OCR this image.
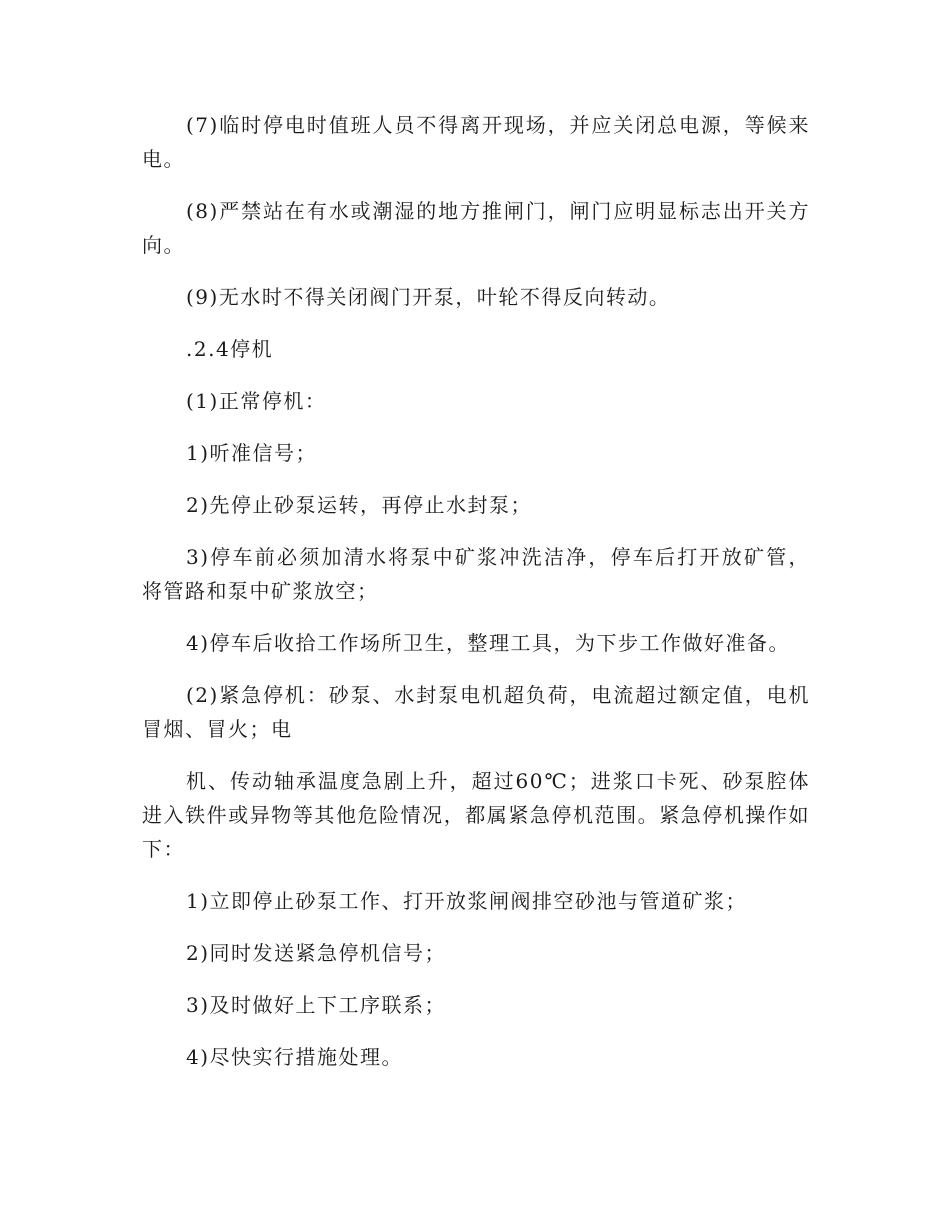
(7)临时停电时值班人员不得离开现场，并应关闭总电源，等候来电。

(8)严禁站在有水或潮湿的地方推闸门，闸门应明显标志出开关方向。

(9)无水时不得关闭阀门开泵，叶轮不得反向转动。

.2.4停机

(1)正常停机：

1)听准信号；

2)先停止砂泵运转，再停止水封泵；

3)停车前必须加清水将泵中矿浆冲洗洁净，停车后打开放矿管，将管路和泵中矿浆放空；

4)停车后收拾工作场所卫生，整理工具，为下步工作做好准备。

(2)紧急停机：砂泵、水封泵电机超负荷，电流超过额定值，电机冒烟、冒火；电

机、传动轴承温度急剧上升，超过60℃；进浆口卡死、砂泵腔体进入铁件或异物等其他危险情况，都属紧急停机范围。紧急停机操作如下：

1)立即停止砂泵工作、打开放浆闸阀排空砂池与管道矿浆；

2)同时发送紧急停机信号；

3)及时做好上下工序联系；

4)尽快实行措施处理。
